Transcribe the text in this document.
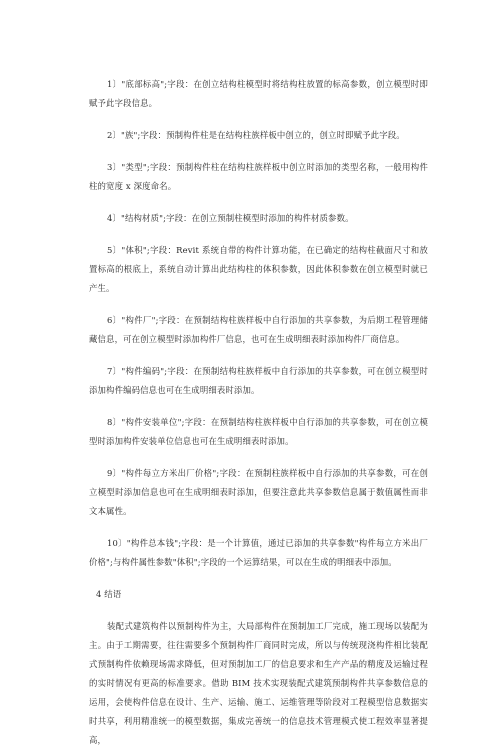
1〕"底部标高";字段：在创立结构柱模型时将结构柱放置的标高参数，创立模型时即赋予此字段信息。

2〕"族";字段：预制构件柱是在结构柱族样板中创立的，创立时即赋予此字段。

3〕"类型";字段：预制构件柱在结构柱族样板中创立时添加的类型名称，一般用构件柱的宽度 x 深度命名。

4〕"结构材质";字段：在创立预制柱模型时添加的构件材质参数。

5〕"体积";字段：Revit 系统自带的构件计算功能，在已确定的结构柱截面尺寸和放置标高的根底上，系统自动计算出此结构柱的体积参数，因此体积参数在创立模型时就已产生。

6〕"构件厂";字段：在预制结构柱族样板中自行添加的共享参数，为后期工程管理储藏信息，可在创立模型时添加构件厂信息，也可在生成明细表时添加构件厂商信息。

7〕"构件编码";字段：在预制结构柱族样板中自行添加的共享参数，可在创立模型时添加构件编码信息也可在生成明细表时添加。

8〕"构件安装单位";字段：在预制结构柱族样板中自行添加的共享参数，可在创立模型时添加构件安装单位信息也可在生成明细表时添加。

9〕"构件每立方米出厂价格";字段：在预制柱族样板中自行添加的共享参数，可在创立模型时添加信息也可在生成明细表时添加，但要注意此共享参数信息属于数值属性而非文本属性。

10〕"构件总本钱";字段：是一个计算值，通过已添加的共享参数"构件每立方米出厂价格";与构件属性参数"体积";字段的一个运算结果，可以在生成的明细表中添加。

4 结语

装配式建筑构件以预制构件为主，大局部构件在预制加工厂完成，施工现场以装配为主。由于工期需要，往往需要多个预制构件厂商同时完成，所以与传统现浇构件相比装配式预制构件依赖现场需求降低，但对预制加工厂的信息要求和生产产品的精度及运输过程的实时情况有更高的标准要求。借助 BIM 技术实现装配式建筑预制构件共享参数信息的运用，会使构件信息在设计、生产、运输、施工、运维管理等阶段对工程模型信息数据实时共享，利用精准统一的模型数据，集成完善统一的信息技术管理模式使工程效率显著提高，
